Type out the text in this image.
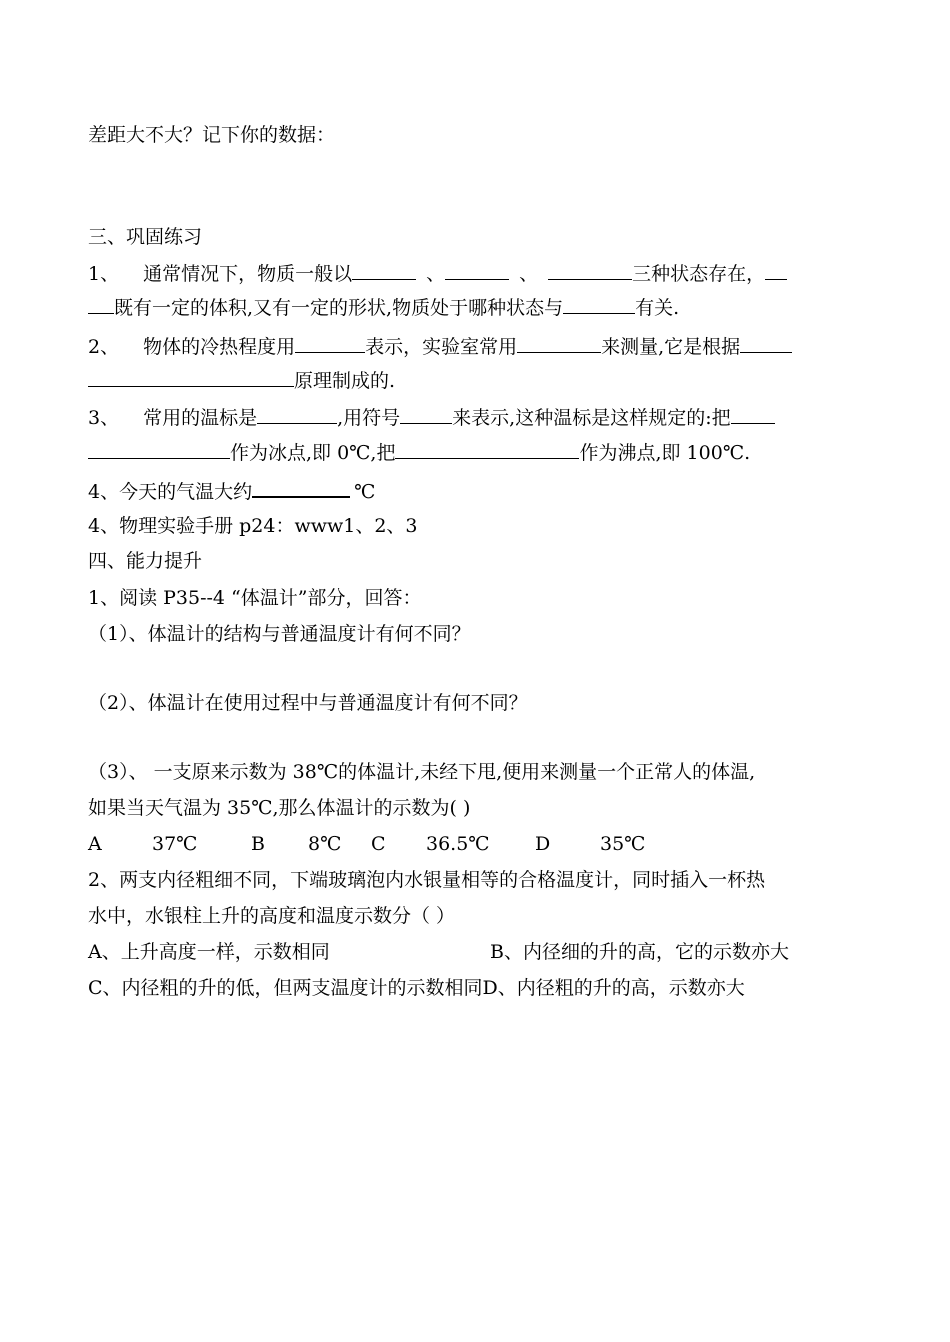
差距大不大？记下你的数据：
三、巩固练习
1、 通常情况下，物质一般以	、	、	三种状态存在，
既有一定的体积,又有一定的形状,物质处于哪种状态与	有关.
2、 物体的冷热程度用	表示，实验室常用	来测量,它是根据
原理制成的.
3、 常用的温标是	,用符号	来表示,这种温标是这样规定的:把
作为冰点,即 0℃,把	作为沸点,即 100℃.
4、今天的气温大约	℃
4、物理实验手册 p24：www1、2、3
四、能力提升
1、阅读 P35--4 “体温计”部分，回答：
（1）、体温计的结构与普通温度计有何不同？
（2）、体温计在使用过程中与普通温度计有何不同？
（3）、 一支原来示数为 38℃的体温计,未经下甩,便用来测量一个正常人的体温,
如果当天气温为 35℃,那么体温计的示数为( )
A	37℃	B 8℃ C 36.5℃ D	35℃
2、两支内径粗细不同，下端玻璃泡内水银量相等的合格温度计，同时插入一杯热
水中，水银柱上升的高度和温度示数分（ ）
A、上升高度一样，示数相同	B、内径细的升的高，它的示数亦大
C、内径粗的升的低，但两支温度计的示数相同D、内径粗的升的高，示数亦大
